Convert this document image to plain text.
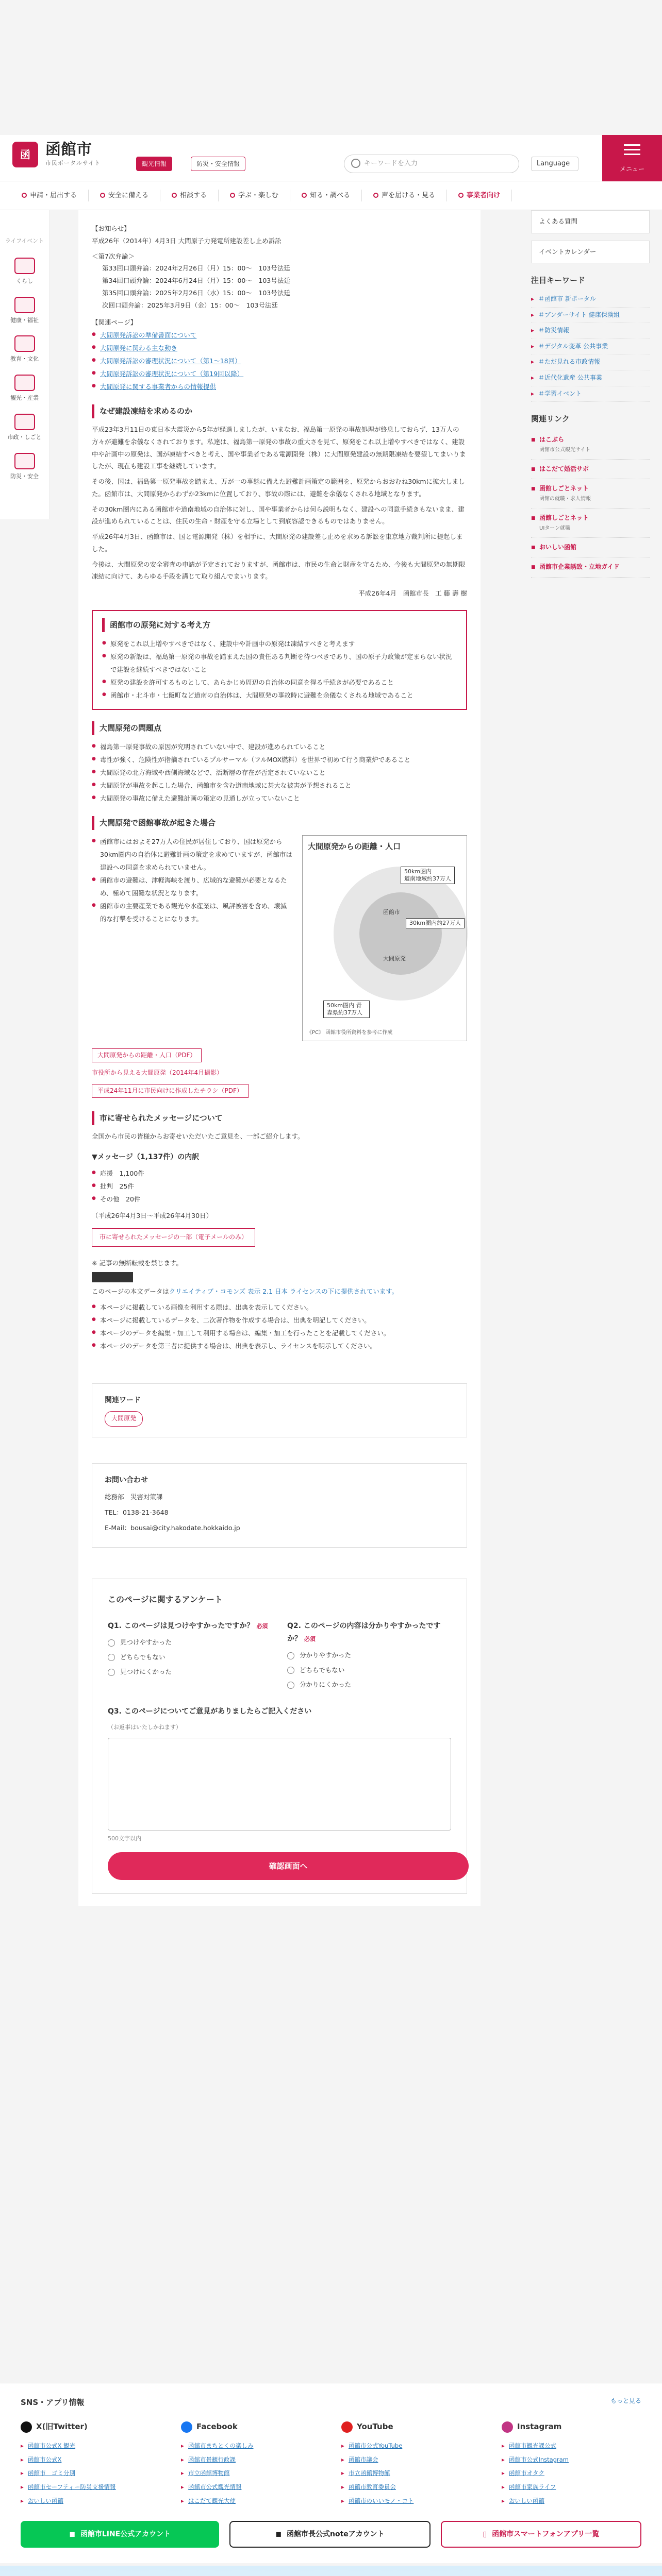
函 函館市
市民ポータルサイト	観光情報	防災・安全情報	キーワードを入力	Language
メニュー
申請・届出する	安全に備える	相談する	学ぶ・楽しむ	知る・調べる	声を届ける・見る	事業者向け
ライフイベント
くらし
健康・福祉
教育・文化
観光・産業
市政・しごと
防災・安全
【お知らせ】
平成26年（2014年）4月3日 大間原子力発電所建設差し止め訴訟
＜第7次弁論＞
第33回口頭弁論：2024年2月26日（月）15：00〜　103号法廷
第34回口頭弁論：2024年6月24日（月）15：00〜　103号法廷
第35回口頭弁論：2025年2月26日（水）15：00〜　103号法廷
次回口頭弁論：2025年3月9日（金）15：00〜　103号法廷
【関連ページ】
● 大間原発訴訟の準備書面について
● 大間原発に関わる主な動き
● 大間原発訴訟の審理状況について（第1〜18回）
● 大間原発訴訟の審理状況について（第19回以降）
● 大間原発に関する事業者からの情報提供
なぜ建設凍結を求めるのか

平成23年3月11日の東日本大震災から5年が経過しましたが、いまなお、福島第一原発の事故処理が終息しておらず、13万人の方々が避難を余儀なくされております。私達は、福島第一原発の事故の重大さを見て、原発をこれ以上増やすべきではなく、建設中や計画中の原発は、国が凍結すべきと考え、国や事業者である電源開発（株）に大間原発建設の無期限凍結を要望してまいりましたが、現在も建設工事を継続しています。

その後、国は、福島第一原発事故を踏まえ、万が一の事態に備えた避難計画策定の範囲を、原発からおおむね30kmに拡大しました。函館市は、大間原発からわずか23kmに位置しており、事故の際には、避難を余儀なくされる地域となります。

その30km圏内にある函館市や道南地域の自治体に対し、国や事業者からは何ら説明もなく、建設への同意手続きもないまま、建設が進められていることは、住民の生命・財産を守る立場として到底容認できるものではありません。

平成26年4月3日、函館市は、国と電源開発（株）を相手に、大間原発の建設差し止めを求める訴訟を東京地方裁判所に提起しました。

今後は、大間原発の安全審査の申請が予定されておりますが、函館市は、市民の生命と財産を守るため、今後も大間原発の無期限凍結に向けて、あらゆる手段を講じて取り組んでまいります。

平成26年4月　函館市長　工 藤 壽 樹
函館市の原発に対する考え方
● 原発をこれ以上増やすべきではなく、建設中や計画中の原発は凍結すべきと考えます
● 原発の新設は、福島第一原発の事故を踏まえた国の責任ある判断を待つべきであり、国の原子力政策が定まらない状況で建設を継続すべきではないこと
● 原発の建設を許可するものとして、あらかじめ周辺の自治体の同意を得る手続きが必要であること
● 函館市・北斗市・七飯町など道南の自治体は、大間原発の事故時に避難を余儀なくされる地域であること
大間原発の問題点
● 福島第一原発事故の原因が究明されていない中で、建設が進められていること
● 毒性が強く、危険性が指摘されているプルサーマル（フルMOX燃料）を世界で初めて行う商業炉であること
● 大間原発の北方海域や西側海域などで、活断層の存在が否定されていないこと
● 大間原発が事故を起こした場合、函館市を含む道南地域に甚大な被害が予想されること
● 大間原発の事故に備えた避難計画の策定の見通しが立っていないこと
大間原発で函館事故が起きた場合
● 函館市にはおよそ27万人の住民が居住しており、国は原発から30km圏内の自治体に避難計画の策定を求めていますが、函館市は建設への同意を求められていません。
● 函館市の避難は、津軽海峡を渡り、広域的な避難が必要となるため、極めて困難な状況となります。
● 函館市の主要産業である観光や水産業は、風評被害を含め、壊滅的な打撃を受けることになります。
大間原発からの距離・人口
50km圏内
道南地域約37万人
30km圏内約27万人
函館市
大間原発
50km圏内 青森県約37万人
《PC》 函館市役所資料を参考に作成
大間原発からの距離・人口（PDF）
市役所から見える大間原発（2014年4月撮影）
平成24年11月に市民向けに作成したチラシ（PDF）
市に寄せられたメッセージについて

全国から市民の皆様からお寄せいただいたご意見を、一部ご紹介します。

▼メッセージ（1,137件）の内訳
● 応援　1,100件
● 批判　25件
● その他　20件

（平成26年4月3日〜平成26年4月30日）

市に寄せられたメッセージの一部（電子メールのみ）

※ 記事の無断転載を禁じます。

このページの本文データはクリエイティブ・コモンズ 表示 2.1 日本 ライセンスの下に提供されています。

● 本ページに掲載している画像を利用する際は、出典を表示してください。
● 本ページに掲載しているデータを、二次著作物を作成する場合は、出典を明記してください。
● 本ページのデータを編集・加工して利用する場合は、編集・加工を行ったことを記載してください。
● 本ページのデータを第三者に提供する場合は、出典を表示し、ライセンスを明示してください。
関連ワード
大間原発
お問い合わせ

総務部　災害対策課

TEL：0138-21-3648

E-Mail：bousai@city.hakodate.hokkaido.jp

このページに関するアンケート
Q1. このページは見つけやすかったですか？ 必須
見つけやすかった
どちらでもない
見つけにくかった
Q2. このページの内容は分かりやすかったですか？ 必須
分かりやすかった
どちらでもない
分かりにくかった
Q3. このページについてご意見がありましたらご記入ください
（お返事はいたしかねます）
500文字以内
確認画面へ
よくある質問
イベントカレンダー
注目キーワード
▸ ＃函館市 新ポータル
▸ ＃ブンダーサイト 健康保険組
▸ ＃防災情報
▸ ＃デジタル変革 公共事業
▸ ＃ただ見れる市政情報
▸ ＃近代化遺産 公共事業
▸ ＃学習イベント
関連リンク
■ はこぶら
函館市公式観光サイト
■ はこだて婚活サポ
■ 函館しごとネット
函館の就職・求人情報
■ 函館しごとネット
UIターン就職
■ おいしい函館
■ 函館市企業誘致・立地ガイド
SNS・アプリ情報	もっと見る
X(旧Twitter)
▸ 函館市公式X 観光
▸ 函館市公式X
▸ 函館市　ゴミ分別
▸ 函館市セーフティー防災支援情報
▸ おいしい函館
Facebook
▸ 函館市まちとくの楽しみ
▸ 函館市景観行政課
▸ 市立函館博物館
▸ 函館市公式観光情報
▸ はこだて観光大使
YouTube
▸ 函館市公式YouTube
▸ 函館市議会
▸ 市立函館博物館
▸ 函館市教育委員会
▸ 函館市のいいモノ・コト
Instagram
▸ 函館市観光課公式
▸ 函館市公式Instagram
▸ 函館市オタク
▸ 函館市家族ライフ
▸ おいしい函館
◼ 函館市LINE公式アカウント	◼ 函館市長公式noteアカウント	▯ 函館市スマートフォンアプリ一覧
